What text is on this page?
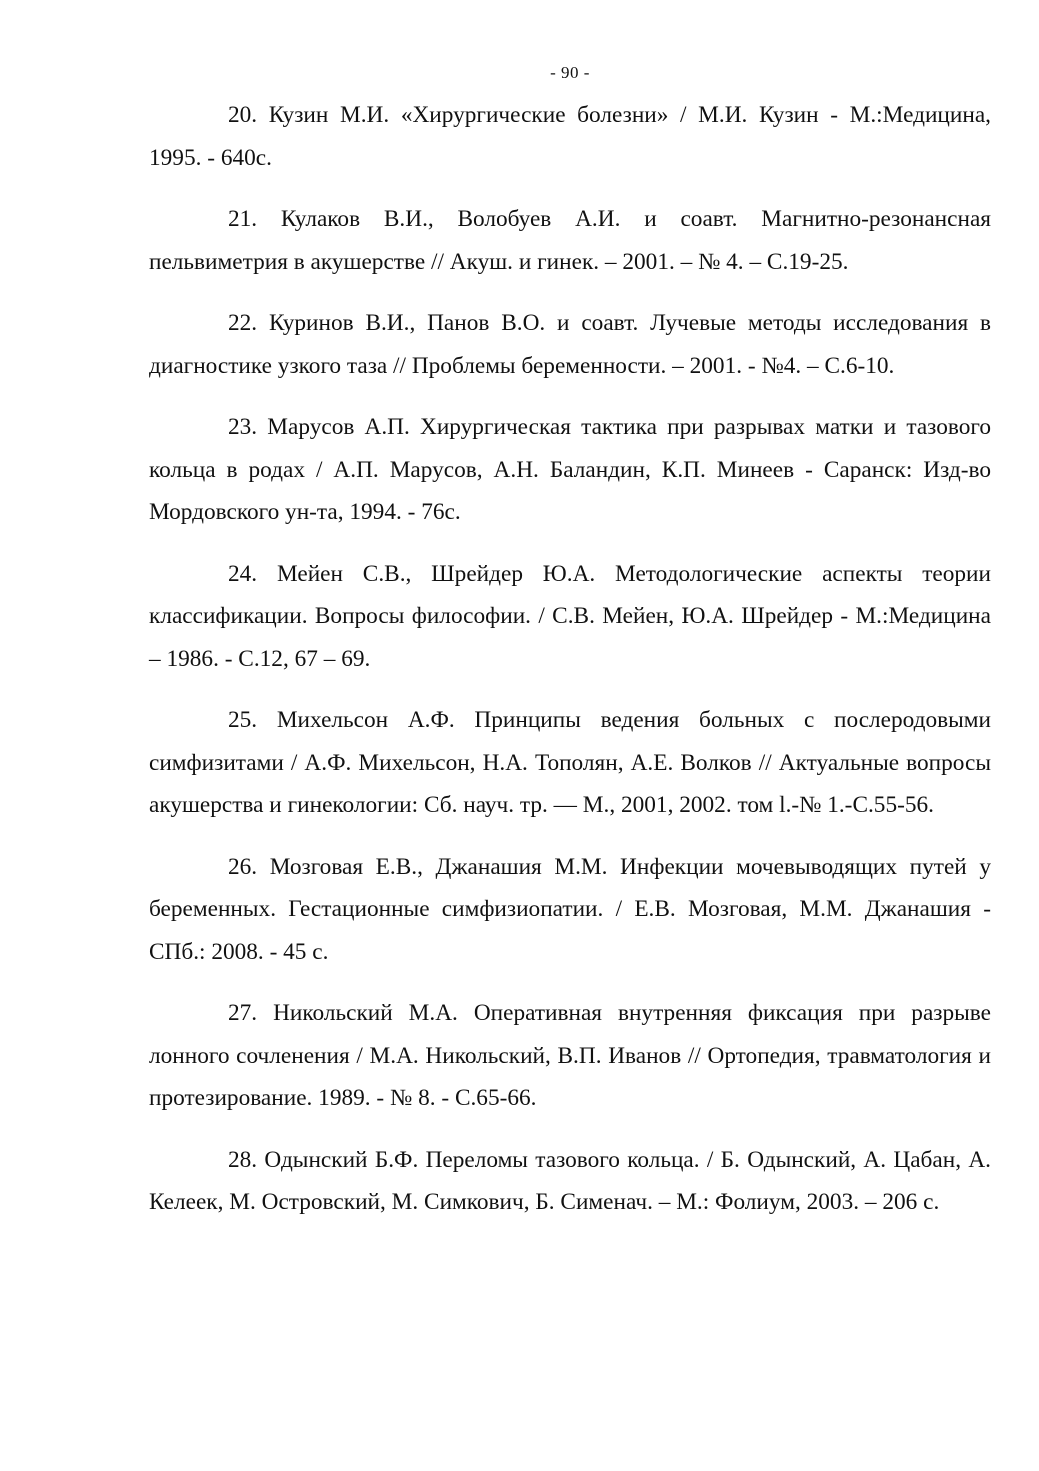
- 90 -

20. Кузин М.И. «Хирургические болезни» / М.И. Кузин - М.:Медицина, 1995. - 640с.

21. Кулаков В.И., Волобуев А.И. и соавт. Магнитно-резонансная пельвиметрия в акушерстве // Акуш. и гинек. – 2001. – № 4. – С.19-25.

22. Куринов В.И., Панов В.О. и соавт. Лучевые методы исследования в диагностике узкого таза // Проблемы беременности. – 2001. - №4. – С.6-10.

23. Марусов А.П. Хирургическая тактика при разрывах матки и тазового кольца в родах / А.П. Марусов, А.Н. Баландин, К.П. Минеев - Саранск: Изд-во Мордовского ун-та, 1994. - 76с.

24. Мейен С.В., Шрейдер Ю.А. Методологические аспекты теории классификации. Вопросы философии. / С.В. Мейен, Ю.А. Шрейдер - М.:Медицина – 1986. - С.12, 67 – 69.

25. Михельсон А.Ф. Принципы ведения больных с послеродовыми симфизитами / А.Ф. Михельсон, Н.А. Тополян, А.Е. Волков // Актуальные вопросы акушерства и гинекологии: Сб. науч. тр. — М., 2001, 2002. том l.-№ 1.-С.55-56.

26. Мозговая Е.В., Джанашия М.М. Инфекции мочевыводящих путей у беременных. Гестационные симфизиопатии. / Е.В. Мозговая, М.М. Джанашия - СПб.: 2008. - 45 с.

27. Никольский М.А. Оперативная внутренняя фиксация при разрыве лонного сочленения / М.А. Никольский, В.П. Иванов // Ортопедия, травматология и протезирование. 1989. - № 8. - С.65-66.

28. Одынский Б.Ф. Переломы тазового кольца. / Б. Одынский, А. Цабан, А. Келеек, М. Островский, М. Симкович, Б. Сименач. – М.: Фолиум, 2003. – 206 с.
